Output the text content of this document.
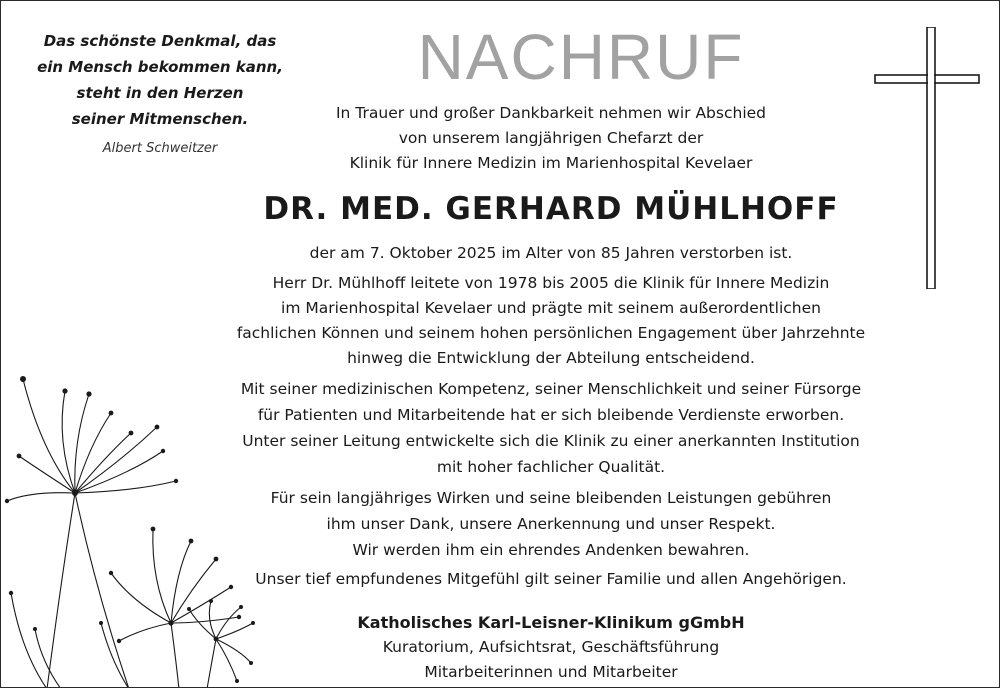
Das schönste Denkmal, das
ein Mensch bekommen kann,
steht in den Herzen
seiner Mitmenschen.
Albert Schweitzer
NACHRUF
In Trauer und großer Dankbarkeit nehmen wir Abschied
von unserem langjährigen Chefarzt der
Klinik für Innere Medizin im Marienhospital Kevelaer
DR. MED. GERHARD MÜHLHOFF
der am 7. Oktober 2025 im Alter von 85 Jahren verstorben ist.
Herr Dr. Mühlhoff leitete von 1978 bis 2005 die Klinik für Innere Medizin
im Marienhospital Kevelaer und prägte mit seinem außerordentlichen
fachlichen Können und seinem hohen persönlichen Engagement über Jahrzehnte
hinweg die Entwicklung der Abteilung entscheidend.
Mit seiner medizinischen Kompetenz, seiner Menschlichkeit und seiner Fürsorge
für Patienten und Mitarbeitende hat er sich bleibende Verdienste erworben.
Unter seiner Leitung entwickelte sich die Klinik zu einer anerkannten Institution
mit hoher fachlicher Qualität.
Für sein langjähriges Wirken und seine bleibenden Leistungen gebühren
ihm unser Dank, unsere Anerkennung und unser Respekt.
Wir werden ihm ein ehrendes Andenken bewahren.
Unser tief empfundenes Mitgefühl gilt seiner Familie und allen Angehörigen.
Katholisches Karl-Leisner-Klinikum gGmbH
Kuratorium, Aufsichtsrat, Geschäftsführung
Mitarbeiterinnen und Mitarbeiter
